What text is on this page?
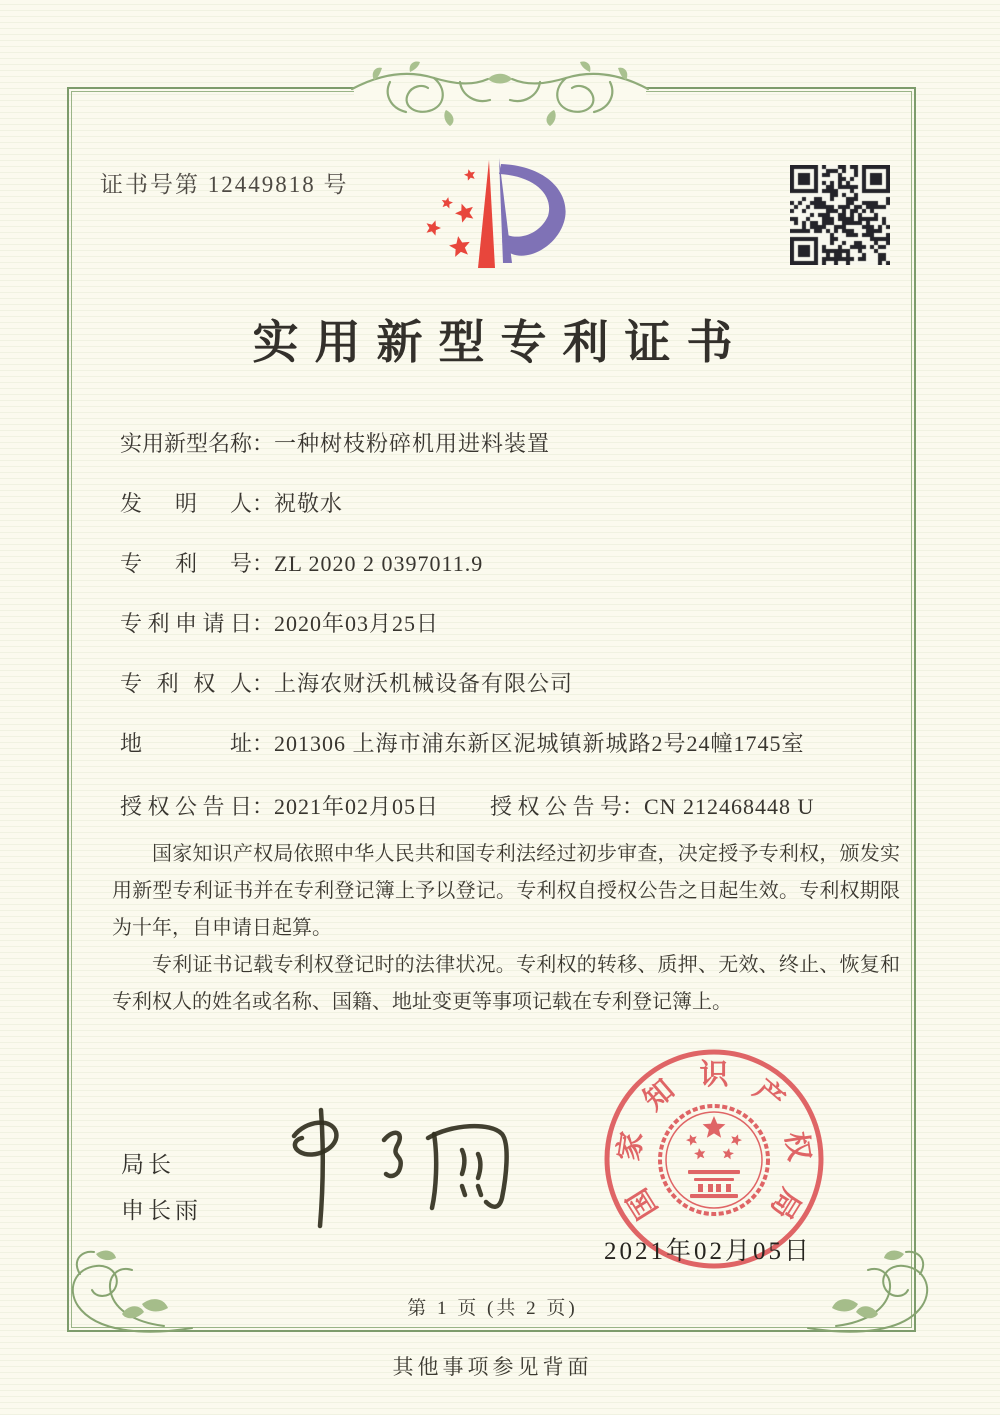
证书号第 12449818 号
实用新型专利证书
实用新型名称：一种树枝粉碎机用进料装置
发明人：祝敬水
专利号：ZL 2020 2 0397011.9
专利申请日：2020年03月25日
专利权人：上海农财沃机械设备有限公司
地址：201306 上海市浦东新区泥城镇新城路2号24幢1745室
授权公告日：2021年02月05日 授权公告号：CN 212468448 U

国家知识产权局依照中华人民共和国专利法经过初步审查，决定授予专利权，颁发实用新型专利证书并在专利登记簿上予以登记。专利权自授权公告之日起生效。专利权期限为十年，自申请日起算。

专利证书记载专利权登记时的法律状况。专利权的转移、质押、无效、终止、恢复和专利权人的姓名或名称、国籍、地址变更等事项记载在专利登记簿上。

局长
申长雨	国
家
知 识 产
权
局
2021年02月05日
第 1 页 (共 2 页)
其他事项参见背面
